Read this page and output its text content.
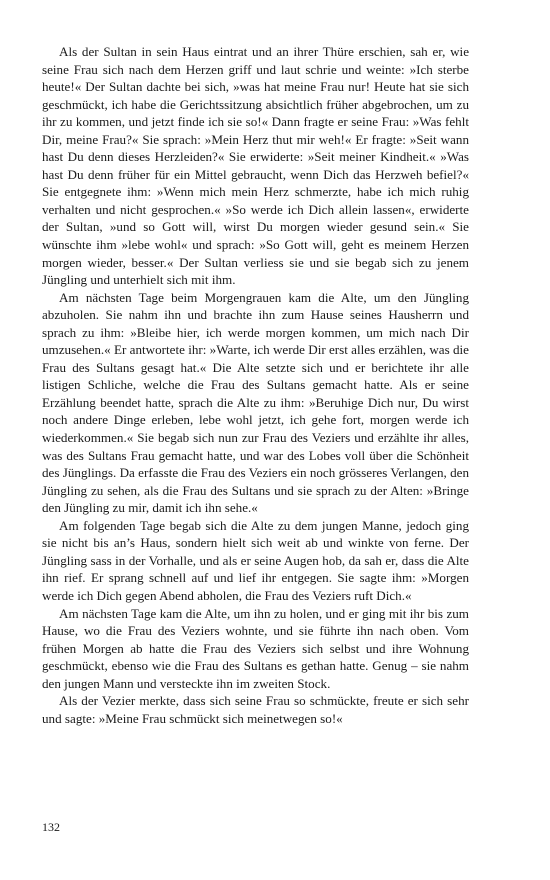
Als der Sultan in sein Haus eintrat und an ihrer Thüre erschien, sah er, wie seine Frau sich nach dem Herzen griff und laut schrie und weinte: »Ich sterbe heute!« Der Sultan dachte bei sich, »was hat meine Frau nur! Heute hat sie sich geschmückt, ich habe die Gerichtssitzung absichtlich früher abgebrochen, um zu ihr zu kommen, und jetzt finde ich sie so!« Dann fragte er seine Frau: »Was fehlt Dir, meine Frau?« Sie sprach: »Mein Herz thut mir weh!« Er fragte: »Seit wann hast Du denn dieses Herzleiden?« Sie erwiderte: »Seit meiner Kindheit.« »Was hast Du denn früher für ein Mittel gebraucht, wenn Dich das Herzweh befiel?« Sie entgegnete ihm: »Wenn mich mein Herz schmerzte, habe ich mich ruhig verhalten und nicht gesprochen.« »So werde ich Dich allein lassen«, erwiderte der Sultan, »und so Gott will, wirst Du morgen wieder gesund sein.« Sie wünschte ihm »lebe wohl« und sprach: »So Gott will, geht es meinem Herzen morgen wieder, besser.« Der Sultan verliess sie und sie begab sich zu jenem Jüngling und unterhielt sich mit ihm.

Am nächsten Tage beim Morgengrauen kam die Alte, um den Jüngling abzuholen. Sie nahm ihn und brachte ihn zum Hause seines Hausherrn und sprach zu ihm: »Bleibe hier, ich werde morgen kommen, um mich nach Dir umzusehen.« Er antwortete ihr: »Warte, ich werde Dir erst alles erzählen, was die Frau des Sultans gesagt hat.« Die Alte setzte sich und er berichtete ihr alle listigen Schliche, welche die Frau des Sultans gemacht hatte. Als er seine Erzählung beendet hatte, sprach die Alte zu ihm: »Beruhige Dich nur, Du wirst noch andere Dinge erleben, lebe wohl jetzt, ich gehe fort, morgen werde ich wiederkommen.« Sie begab sich nun zur Frau des Veziers und erzählte ihr alles, was des Sultans Frau gemacht hatte, und war des Lobes voll über die Schönheit des Jünglings. Da erfasste die Frau des Veziers ein noch grösseres Verlangen, den Jüngling zu sehen, als die Frau des Sultans und sie sprach zu der Alten: »Bringe den Jüngling zu mir, damit ich ihn sehe.«

Am folgenden Tage begab sich die Alte zu dem jungen Manne, jedoch ging sie nicht bis an’s Haus, sondern hielt sich weit ab und winkte von ferne. Der Jüngling sass in der Vorhalle, und als er seine Augen hob, da sah er, dass die Alte ihn rief. Er sprang schnell auf und lief ihr entgegen. Sie sagte ihm: »Morgen werde ich Dich gegen Abend abholen, die Frau des Veziers ruft Dich.«

Am nächsten Tage kam die Alte, um ihn zu holen, und er ging mit ihr bis zum Hause, wo die Frau des Veziers wohnte, und sie führte ihn nach oben. Vom frühen Morgen ab hatte die Frau des Veziers sich selbst und ihre Wohnung geschmückt, ebenso wie die Frau des Sultans es gethan hatte. Genug – sie nahm den jungen Mann und versteckte ihn im zweiten Stock.

Als der Vezier merkte, dass sich seine Frau so schmückte, freute er sich sehr und sagte: »Meine Frau schmückt sich meinetwegen so!«

132
